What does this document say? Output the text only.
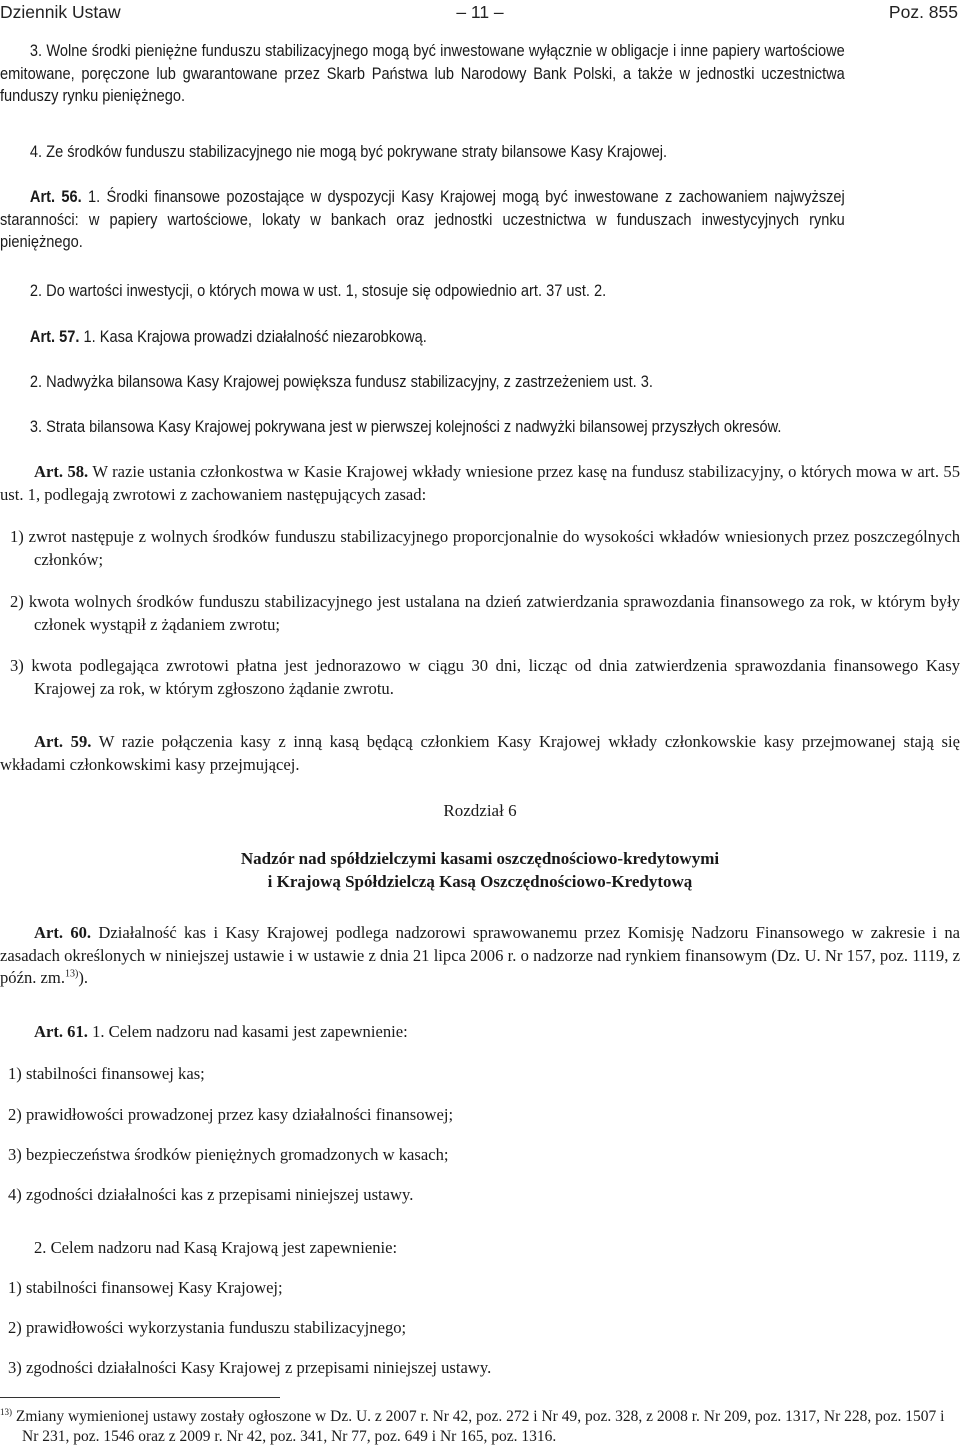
Dziennik Ustaw	– 11 –	Poz. 855
3. Wolne środki pieniężne funduszu stabilizacyjnego mogą być inwestowane wyłącznie w obligacje i inne papiery wartościowe emitowane, poręczone lub gwarantowane przez Skarb Państwa lub Narodowy Bank Polski, a także w jednostki uczestnictwa funduszy rynku pieniężnego.
4. Ze środków funduszu stabilizacyjnego nie mogą być pokrywane straty bilansowe Kasy Krajowej.
Art. 56. 1. Środki finansowe pozostające w dyspozycji Kasy Krajowej mogą być inwestowane z zachowaniem najwyższej staranności: w papiery wartościowe, lokaty w bankach oraz jednostki uczestnictwa w funduszach inwestycyjnych rynku pieniężnego.
2. Do wartości inwestycji, o których mowa w ust. 1, stosuje się odpowiednio art. 37 ust. 2.
Art. 57. 1. Kasa Krajowa prowadzi działalność niezarobkową.
2. Nadwyżka bilansowa Kasy Krajowej powiększa fundusz stabilizacyjny, z zastrzeżeniem ust. 3.
3. Strata bilansowa Kasy Krajowej pokrywana jest w pierwszej kolejności z nadwyżki bilansowej przyszłych okresów.
Art. 58. W razie ustania członkostwa w Kasie Krajowej wkłady wniesione przez kasę na fundusz stabilizacyjny, o których mowa w art. 55 ust. 1, podlegają zwrotowi z zachowaniem następujących zasad:
1) zwrot następuje z wolnych środków funduszu stabilizacyjnego proporcjonalnie do wysokości wkładów wniesionych przez poszczególnych członków;
2) kwota wolnych środków funduszu stabilizacyjnego jest ustalana na dzień zatwierdzania sprawozdania finansowego za rok, w którym były członek wystąpił z żądaniem zwrotu;
3) kwota podlegająca zwrotowi płatna jest jednorazowo w ciągu 30 dni, licząc od dnia zatwierdzenia sprawozdania finansowego Kasy Krajowej za rok, w którym zgłoszono żądanie zwrotu.
Art. 59. W razie połączenia kasy z inną kasą będącą członkiem Kasy Krajowej wkłady członkowskie kasy przejmowanej stają się wkładami członkowskimi kasy przejmującej.
Rozdział 6
Nadzór nad spółdzielczymi kasami oszczędnościowo-kredytowymi
i Krajową Spółdzielczą Kasą Oszczędnościowo-Kredytową
Art. 60. Działalność kas i Kasy Krajowej podlega nadzorowi sprawowanemu przez Komisję Nadzoru Finansowego w zakresie i na zasadach określonych w niniejszej ustawie i w ustawie z dnia 21 lipca 2006 r. o nadzorze nad rynkiem finansowym (Dz. U. Nr 157, poz. 1119, z późn. zm.$^{13)}$).
Art. 61. 1. Celem nadzoru nad kasami jest zapewnienie:
1) stabilności finansowej kas;
2) prawidłowości prowadzonej przez kasy działalności finansowej;
3) bezpieczeństwa środków pieniężnych gromadzonych w kasach;
4) zgodności działalności kas z przepisami niniejszej ustawy.
2. Celem nadzoru nad Kasą Krajową jest zapewnienie:
1) stabilności finansowej Kasy Krajowej;
2) prawidłowości wykorzystania funduszu stabilizacyjnego;
3) zgodności działalności Kasy Krajowej z przepisami niniejszej ustawy.
$^{13)}$ Zmiany wymienionej ustawy zostały ogłoszone w Dz. U. z 2007 r. Nr 42, poz. 272 i Nr 49, poz. 328, z 2008 r. Nr 209, poz. 1317, Nr 228, poz. 1507 i Nr 231, poz. 1546 oraz z 2009 r. Nr 42, poz. 341, Nr 77, poz. 649 i Nr 165, poz. 1316.
